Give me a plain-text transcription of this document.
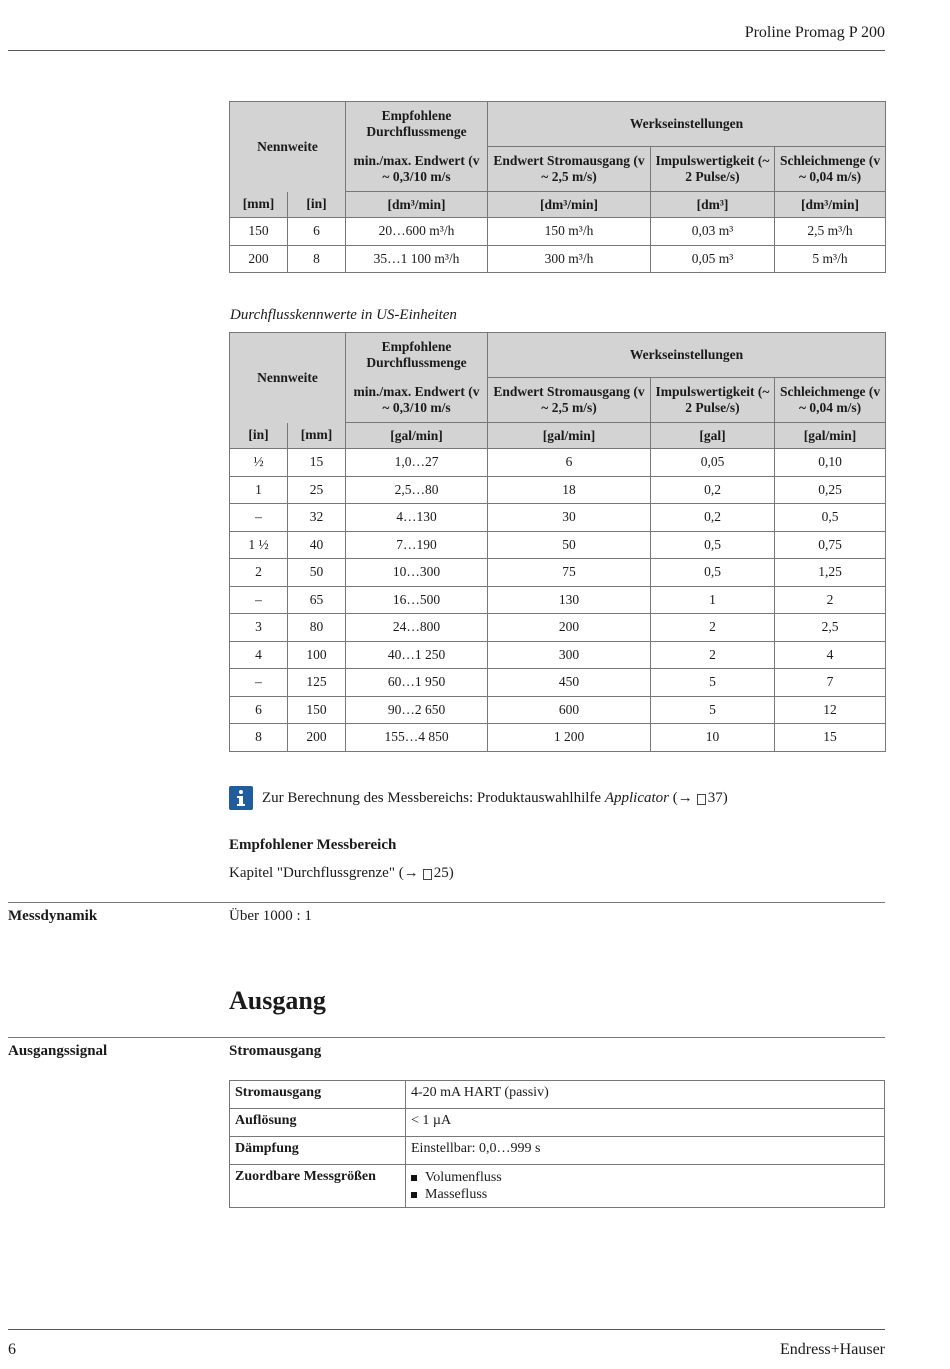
Proline Promag P 200
Nennweite		Empfohlene Durchflussmenge	Werkseinstellungen		
		min./max. Endwert (v ~ 0,3/10 m/s	Endwert Stromausgang (v ~ 2,5 m/s)	Impulswertigkeit (~ 2 Pulse/s)	Schleichmenge (v ~ 0,04 m/s)
[mm]	[in]	[dm³/min]	[dm³/min]	[dm³]	[dm³/min]
150	6	20…600 m³/h	150 m³/h	0,03 m³	2,5 m³/h
200	8	35…1 100 m³/h	300 m³/h	0,05 m³	5 m³/h
Durchflusskennwerte in US-Einheiten
Nennweite		Empfohlene Durchflussmenge	Werkseinstellungen		
		min./max. Endwert (v ~ 0,3/10 m/s	Endwert Stromausgang (v ~ 2,5 m/s)	Impulswertigkeit (~ 2 Pulse/s)	Schleichmenge (v ~ 0,04 m/s)
[in]	[mm]	[gal/min]	[gal/min]	[gal]	[gal/min]
½	15	1,0…27	6	0,05	0,10
1	25	2,5…80	18	0,2	0,25
–	32	4…130	30	0,2	0,5
1 ½	40	7…190	50	0,5	0,75
2	50	10…300	75	0,5	1,25
–	65	16…500	130	1	2
3	80	24…800	200	2	2,5
4	100	40…1 250	300	2	4
–	125	60…1 950	450	5	7
6	150	90…2 650	600	5	12
8	200	155…4 850	1 200	10	15
Zur Berechnung des Messbereichs: Produktauswahlhilfe
Applicator
(→ 37)
Empfohlener Messbereich
Kapitel "Durchflussgrenze" (→ 25)
Messdynamik	Über 1000 : 1
Ausgang
Ausgangssignal	Stromausgang
Stromausgang	4-20 mA HART (passiv)
Auflösung	< 1 µA
Dämpfung	Einstellbar: 0,0…999 s
Zuordbare Messgrößen	Volumenfluss
Massefluss
6	Endress+Hauser
